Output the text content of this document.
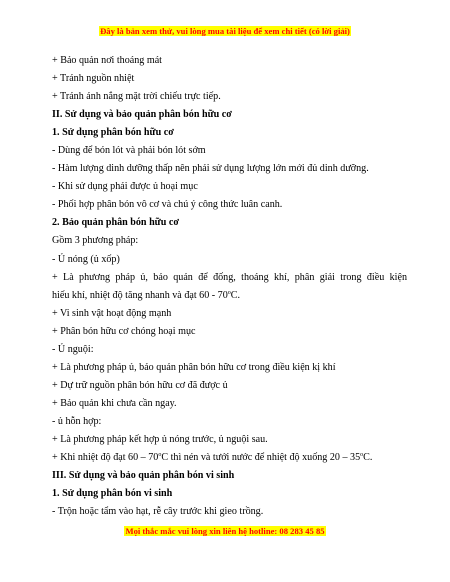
Đây là bản xem thử, vui lòng mua tài liệu để xem chi tiết (có lời giải)
+ Bảo quản nơi thoáng mát
+ Tránh nguồn nhiệt
+ Tránh ánh nắng mặt trời chiếu trực tiếp.
II. Sử dụng và bảo quản phân bón hữu cơ
1. Sử dụng phân bón hữu cơ
- Dùng để bón lót và phải bón lót sớm
- Hàm lượng dinh dưỡng thấp nên phải sử dụng lượng lớn mới đủ dinh dưỡng.
- Khi sử dụng phải được ủ hoại mục
- Phối hợp phân bón vô cơ và chú ý công thức luân canh.
2. Bảo quản phân bón hữu cơ
Gồm 3 phương pháp:
- Ủ nóng (ủ xốp)
+ Là phương pháp ủ, bảo quản để đống, thoáng khí, phân giải trong điều kiện
hiếu khí, nhiệt độ tăng nhanh và đạt $60 - 70^oC$.
+ Vi sinh vật hoạt động mạnh
+ Phân bón hữu cơ chóng hoại mục
- Ủ nguội:
+ Là phương pháp ủ, bảo quản phân bón hữu cơ trong điều kiện kị khí
+ Dự trữ nguồn phân bón hữu cơ đã được ủ
+ Bảo quản khi chưa cần ngay.
- ủ hỗn hợp:
+ Là phương pháp kết hợp ủ nóng trước, ủ nguội sau.
+ Khi nhiệt độ đạt 60 – 70$^o$C thì nén và tưới nước để nhiệt độ xuống 20 – 35$^o$C.
III. Sử dụng và bảo quản phân bón vi sinh
1. Sử dụng phân bón vi sinh
- Trộn hoặc tẩm vào hạt, rễ cây trước khi gieo trồng.
Mọi thắc mắc vui lòng xin liên hệ hotline: 08 283 45 85
